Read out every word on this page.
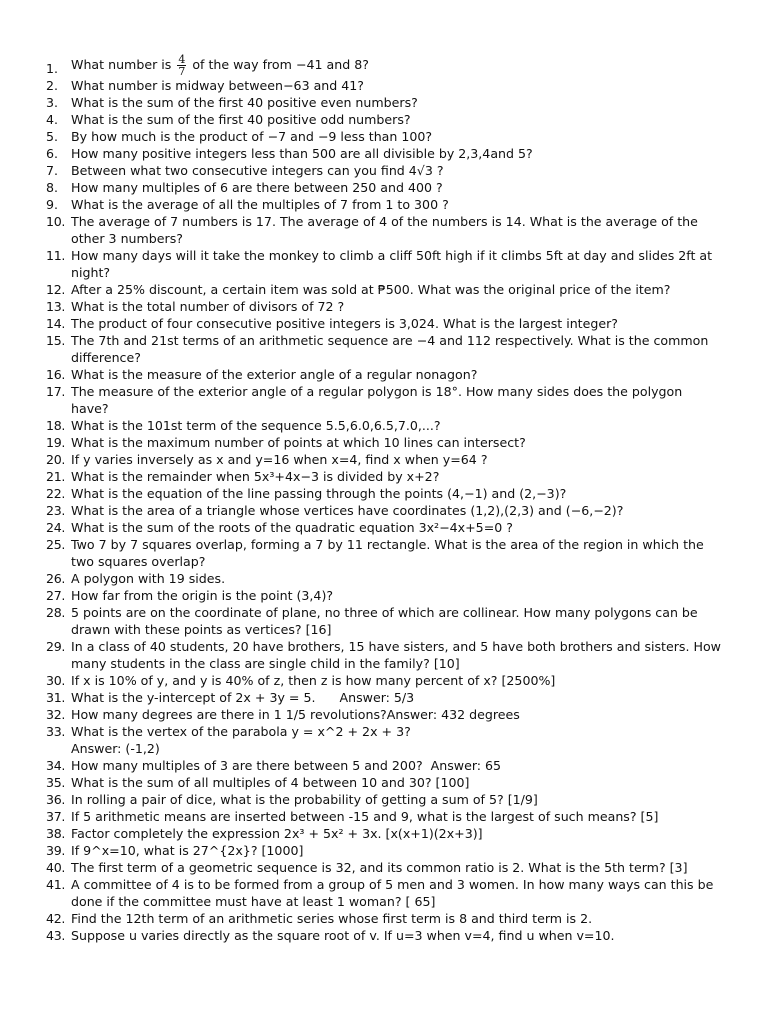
1.	What number is $\frac{4}{7}$ of the way from −41 and 8?
2.	What number is midway between−63 and 41?
3.	What is the sum of the first 40 positive even numbers?
4.	What is the sum of the first 40 positive odd numbers?
5.	By how much is the product of −7 and −9 less than 100?
6.	How many positive integers less than 500 are all divisible by 2,3,4and 5?
7.	Between what two consecutive integers can you find 4√3 ?
8.	How many multiples of 6 are there between 250 and 400 ?
9.	What is the average of all the multiples of 7 from 1 to 300 ?
10. The average of 7 numbers is 17. The average of 4 of the numbers is 14. What is the average of the other 3 numbers?
11. How many days will it take the monkey to climb a cliff 50ft high if it climbs 5ft at day and slides 2ft at night?
12. After a 25% discount, a certain item was sold at ₱500. What was the original price of the item?
13. What is the total number of divisors of 72 ?
14. The product of four consecutive positive integers is 3,024. What is the largest integer?
15. The 7th and 21st terms of an arithmetic sequence are −4 and 112 respectively. What is the common difference?
16. What is the measure of the exterior angle of a regular nonagon?
17. The measure of the exterior angle of a regular polygon is 18°. How many sides does the polygon have?
18. What is the 101st term of the sequence 5.5,6.0,6.5,7.0,...?
19. What is the maximum number of points at which 10 lines can intersect?
20. If y varies inversely as x and y=16 when x=4, find x when y=64 ?
21. What is the remainder when 5x³+4x−3 is divided by x+2?
22. What is the equation of the line passing through the points (4,−1) and (2,−3)?
23. What is the area of a triangle whose vertices have coordinates (1,2),(2,3) and (−6,−2)?
24. What is the sum of the roots of the quadratic equation 3x²−4x+5=0 ?
25. Two 7 by 7 squares overlap, forming a 7 by 11 rectangle. What is the area of the region in which the two squares overlap?
26. A polygon with 19 sides.
27. How far from the origin is the point (3,4)?
28. 5 points are on the coordinate of plane, no three of which are collinear. How many polygons can be drawn with these points as vertices? [16]
29. In a class of 40 students, 20 have brothers, 15 have sisters, and 5 have both brothers and sisters. How many students in the class are single child in the family? [10]
30. If x is 10% of y, and y is 40% of z, then z is how many percent of x? [2500%]
31. What is the y-intercept of 2x + 3y = 5.      Answer: 5/3
32. How many degrees are there in 1 1/5 revolutions?Answer: 432 degrees
33. What is the vertex of the parabola y = x^2 + 2x + 3?
Answer: (-1,2)
34. How many multiples of 3 are there between 5 and 200?  Answer: 65
35. What is the sum of all multiples of 4 between 10 and 30? [100]
36. In rolling a pair of dice, what is the probability of getting a sum of 5? [1/9]
37. If 5 arithmetic means are inserted between -15 and 9, what is the largest of such means? [5]
38. Factor completely the expression 2x³ + 5x² + 3x. [x(x+1)(2x+3)]
39. If 9^x=10, what is 27^{2x}? [1000]
40. The first term of a geometric sequence is 32, and its common ratio is 2. What is the 5th term? [3]
41. A committee of 4 is to be formed from a group of 5 men and 3 women. In how many ways can this be done if the committee must have at least 1 woman? [ 65]
42. Find the 12th term of an arithmetic series whose first term is 8 and third term is 2.
43. Suppose u varies directly as the square root of v. If u=3 when v=4, find u when v=10.
